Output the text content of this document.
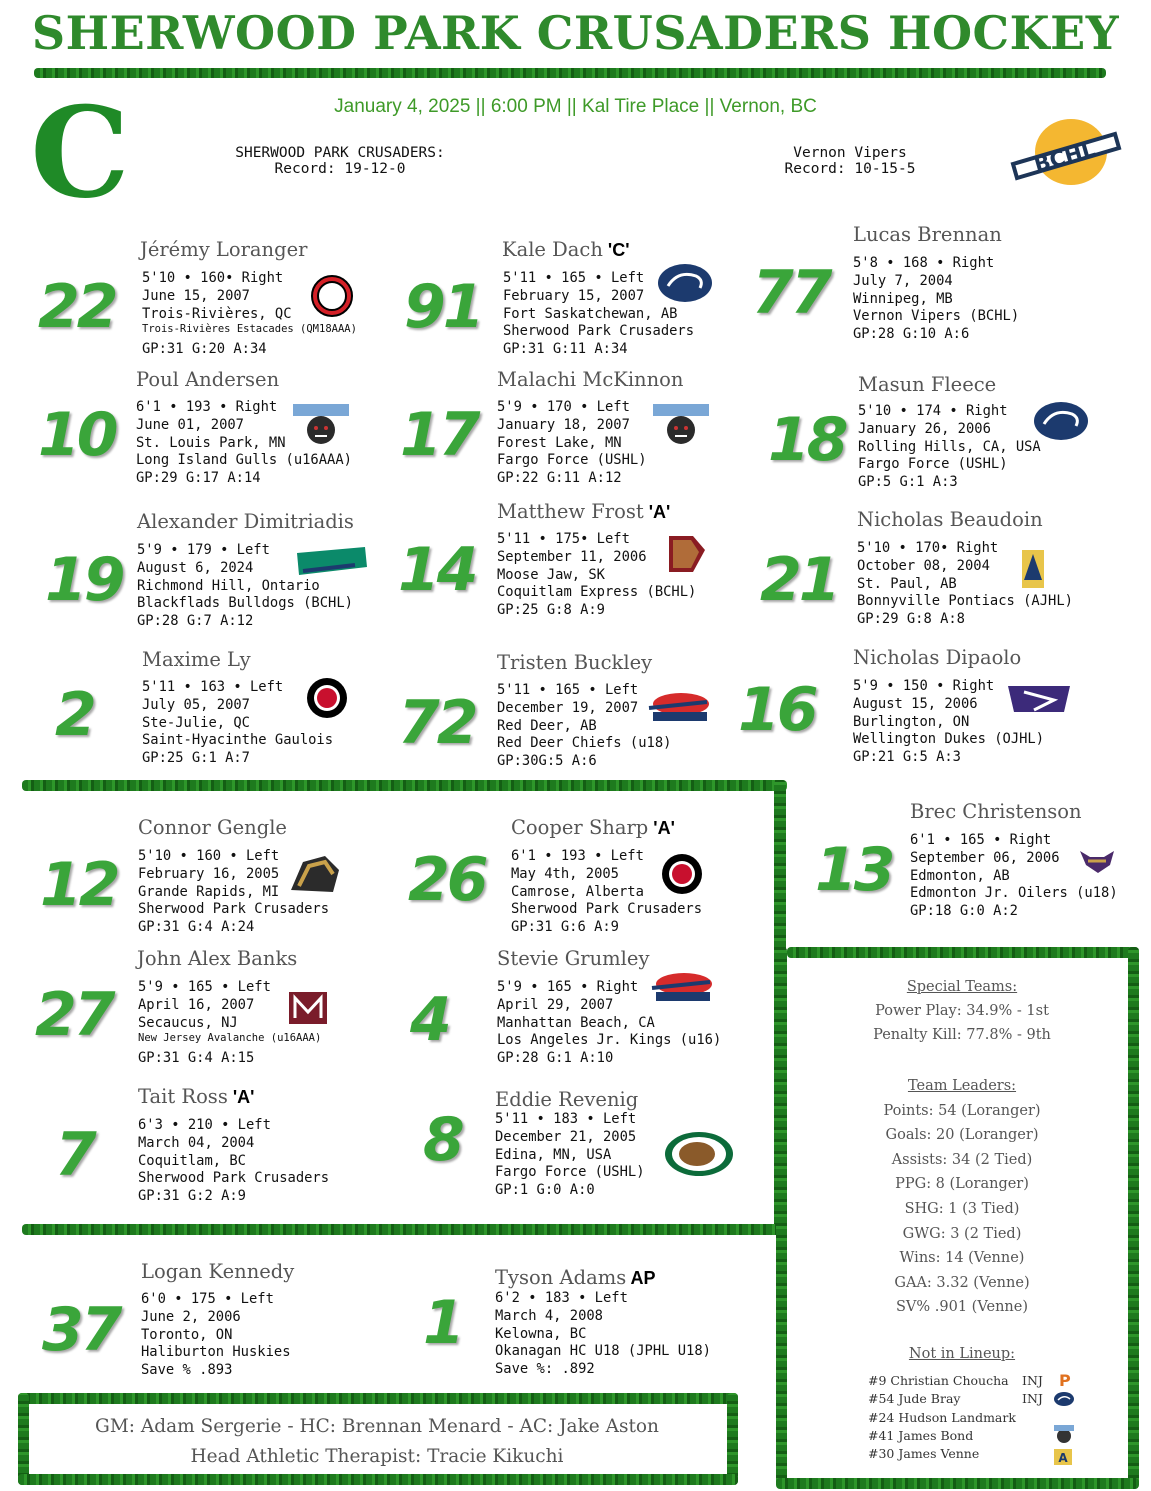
SHERWOOD PARK CRUSADERS HOCKEY
January 4, 2025 || 6:00 PM || Kal Tire Place || Vernon, BC
C	SHERWOOD PARK CRUSADERS:
Record: 19-12-0
Vernon Vipers
Record: 10-15-5	BCHL
22
Jérémy Loranger
5'10 • 160• Right
June 15, 2007
Trois-Rivières, QC
Trois-Rivières Estacades (QM18AAA)
GP:31 G:20 A:34
91
Kale Dach 'C'
5'11 • 165 • Left
February 15, 2007
Fort Saskatchewan, AB
Sherwood Park Crusaders
GP:31 G:11 A:34
77
Lucas Brennan
5'8 • 168 • Right
July 7, 2004
Winnipeg, MB
Vernon Vipers (BCHL)
GP:28 G:10 A:6
10
Poul Andersen
6'1 • 193 • Right
June 01, 2007
St. Louis Park, MN
Long Island Gulls (u16AAA)
GP:29 G:17 A:14
17
Malachi McKinnon
5'9 • 170 • Left
January 18, 2007
Forest Lake, MN
Fargo Force (USHL)
GP:22 G:11 A:12
18
Masun Fleece
5'10 • 174 • Right
January 26, 2006
Rolling Hills, CA, USA
Fargo Force (USHL)
GP:5 G:1 A:3
19
Alexander Dimitriadis
5'9 • 179 • Left
August 6, 2024
Richmond Hill, Ontario
Blackflads Bulldogs (BCHL)
GP:28 G:7 A:12
14
Matthew Frost 'A'
5'11 • 175• Left
September 11, 2006
Moose Jaw, SK
Coquitlam Express (BCHL)
GP:25 G:8 A:9	21
Nicholas Beaudoin
5'10 • 170• Right
October 08, 2004
St. Paul, AB
Bonnyville Pontiacs (AJHL)
GP:29 G:8 A:8
2
Maxime Ly
5'11 • 163 • Left
July 05, 2007
Ste-Julie, QC
Saint-Hyacinthe Gaulois
GP:25 G:1 A:7
72
Tristen Buckley
5'11 • 165 • Left
December 19, 2007
Red Deer, AB
Red Deer Chiefs (u18)
GP:30G:5 A:6
16
Nicholas Dipaolo
5'9 • 150 • Right
August 15, 2006
Burlington, ON
Wellington Dukes (OJHL)
GP:21 G:5 A:3
12
Connor Gengle
5'10 • 160 • Left
February 16, 2005
Grande Rapids, MI
Sherwood Park Crusaders
GP:31 G:4 A:24
26
Cooper Sharp 'A'
6'1 • 193 • Left
May 4th, 2005
Camrose, Alberta
Sherwood Park Crusaders
GP:31 G:6 A:9
13
Brec Christenson
6'1 • 165 • Right
September 06, 2006
Edmonton, AB
Edmonton Jr. Oilers (u18)
GP:18 G:0 A:2
27
John Alex Banks
5'9 • 165 • Left
April 16, 2007
Secaucus, NJ
New Jersey Avalanche (u16AAA)
GP:31 G:4 A:15
4
Stevie Grumley
5'9 • 165 • Right
April 29, 2007
Manhattan Beach, CA
Los Angeles Jr. Kings (u16)
GP:28 G:1 A:10
7
Tait Ross 'A'
6'3 • 210 • Left
March 04, 2004
Coquitlam, BC
Sherwood Park Crusaders
GP:31 G:2 A:9
8
Eddie Revenig
5'11 • 183 • Left
December 21, 2005
Edina, MN, USA
Fargo Force (USHL)
GP:1 G:0 A:0
37
Logan Kennedy
6'0 • 175 • Left
June 2, 2006
Toronto, ON
Haliburton Huskies
Save % .893
1
Tyson Adams AP
6'2 • 183 • Left
March 4, 2008
Kelowna, BC
Okanagan HC U18 (JPHL U18)
Save %: .892
Special Teams:
Power Play: 34.9% - 1st
Penalty Kill: 77.8% - 9th
Team Leaders:
Points: 54 (Loranger)
Goals: 20 (Loranger)
Assists: 34 (2 Tied)
PPG: 8 (Loranger)
SHG: 1 (3 Tied)
GWG: 3 (2 Tied)
Wins: 14 (Venne)
GAA: 3.32 (Venne)
SV% .901 (Venne)
Not in Lineup:
#9 Christian Choucha INJ
#54 Jude Bray	INJ
#24 Hudson Landmark
#41 James Bond
#30 James Venne
P
A
GM: Adam Sergerie - HC: Brennan Menard - AC: Jake Aston
Head Athletic Therapist: Tracie Kikuchi
